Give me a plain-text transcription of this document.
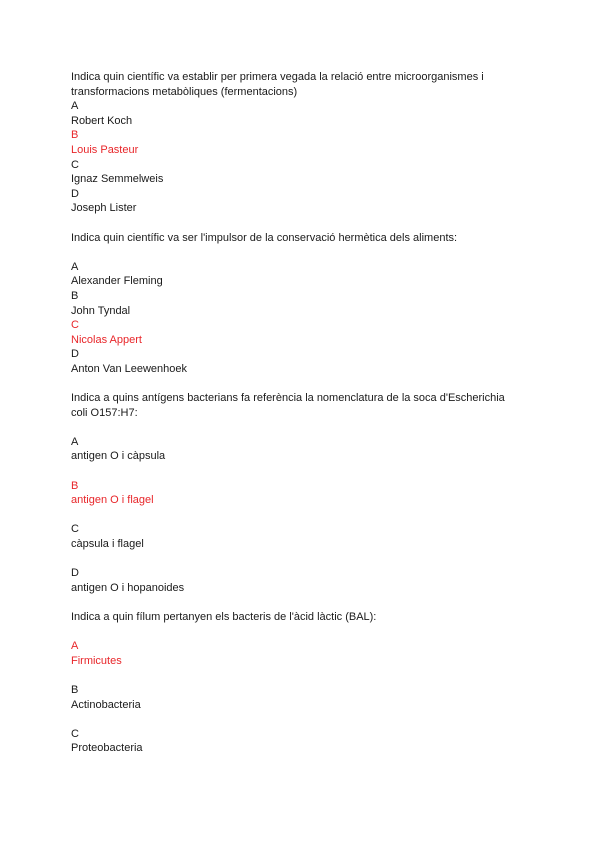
Indica quin científic va establir per primera vegada la relació entre microorganismes i
transformacions metabòliques (fermentacions)
A
Robert Koch
B
Louis Pasteur
C
Ignaz Semmelweis
D
Joseph Lister
Indica quin científic va ser l'impulsor de la conservació hermètica dels aliments:
A
Alexander Fleming
B
John Tyndal
C
Nicolas Appert
D
Anton Van Leewenhoek
Indica a quins antígens bacterians fa referència la nomenclatura de la soca d'Escherichia
coli O157:H7:
A
antigen O i càpsula
B
antigen O i flagel
C
càpsula i flagel
D
antigen O i hopanoides
Indica a quin fílum pertanyen els bacteris de l'àcid làctic (BAL):
A
Firmicutes
B
Actinobacteria
C
Proteobacteria
